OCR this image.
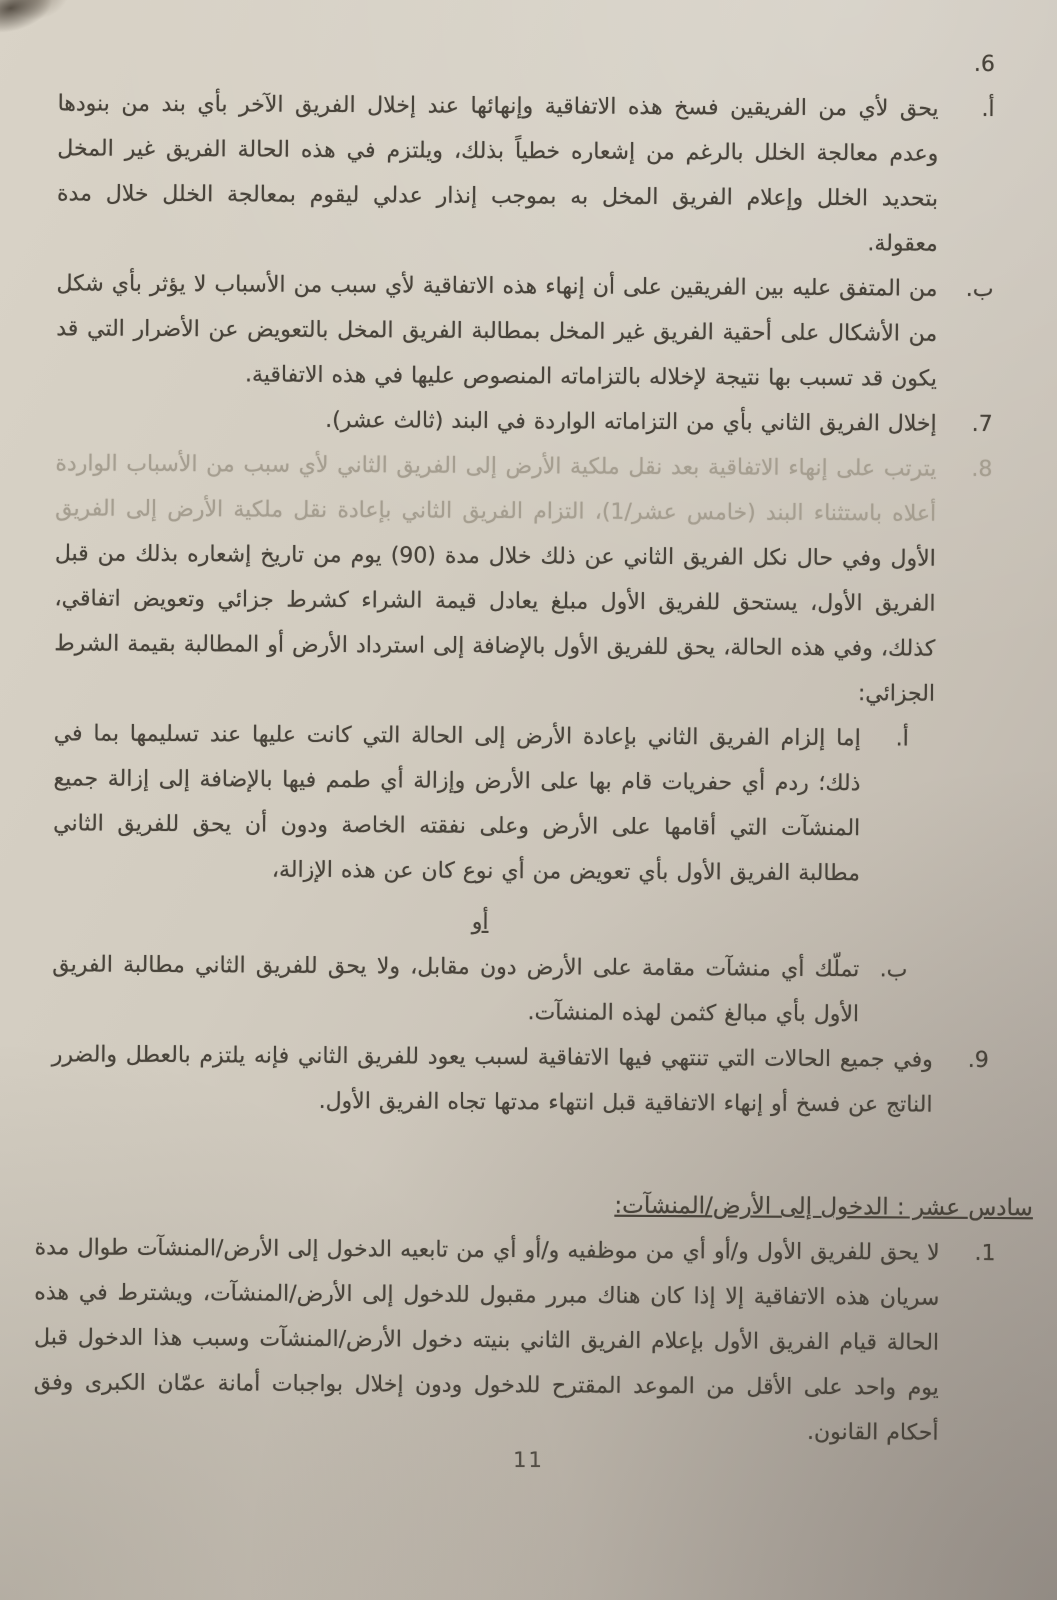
6.
أ.
يحق لأي من الفريقين فسخ هذه الاتفاقية وإنهائها عند إخلال الفريق الآخر بأي بند من بنودها وعدم معالجة الخلل بالرغم من إشعاره خطياً بذلك، ويلتزم في هذه الحالة الفريق غير المخل بتحديد الخلل وإعلام الفريق المخل به بموجب إنذار عدلي ليقوم بمعالجة الخلل خلال مدة معقولة.
ب.
من المتفق عليه بين الفريقين على أن إنهاء هذه الاتفاقية لأي سبب من الأسباب لا يؤثر بأي شكل من الأشكال على أحقية الفريق غير المخل بمطالبة الفريق المخل بالتعويض عن الأضرار التي قد يكون قد تسبب بها نتيجة لإخلاله بالتزاماته المنصوص عليها في هذه الاتفاقية.
7.
إخلال الفريق الثاني بأي من التزاماته الواردة في البند (ثالث عشر).
8.
يترتب على إنهاء الاتفاقية بعد نقل ملكية الأرض إلى الفريق الثاني لأي سبب من الأسباب الواردة أعلاه باستثناء البند (خامس عشر/1)، التزام الفريق الثاني بإعادة نقل ملكية الأرض إلى الفريق الأول وفي حال نكل الفريق الثاني عن ذلك خلال مدة (90) يوم من تاريخ إشعاره بذلك من قبل الفريق الأول، يستحق للفريق الأول مبلغ يعادل قيمة الشراء كشرط جزائي وتعويض اتفاقي، كذلك، وفي هذه الحالة، يحق للفريق الأول بالإضافة إلى استرداد الأرض أو المطالبة بقيمة الشرط الجزائي:
أ.
إما إلزام الفريق الثاني بإعادة الأرض إلى الحالة التي كانت عليها عند تسليمها بما في ذلك؛ ردم أي حفريات قام بها على الأرض وإزالة أي طمم فيها بالإضافة إلى إزالة جميع المنشآت التي أقامها على الأرض وعلى نفقته الخاصة ودون أن يحق للفريق الثاني مطالبة الفريق الأول بأي تعويض من أي نوع كان عن هذه الإزالة،
أو
ب.
تملّك أي منشآت مقامة على الأرض دون مقابل، ولا يحق للفريق الثاني مطالبة الفريق الأول بأي مبالغ كثمن لهذه المنشآت.
9.
وفي جميع الحالات التي تنتهي فيها الاتفاقية لسبب يعود للفريق الثاني فإنه يلتزم بالعطل والضرر الناتج عن فسخ أو إنهاء الاتفاقية قبل انتهاء مدتها تجاه الفريق الأول.
سادس عشر : الدخول إلى الأرض/المنشآت:
1.
لا يحق للفريق الأول و/أو أي من موظفيه و/أو أي من تابعيه الدخول إلى الأرض/المنشآت طوال مدة سريان هذه الاتفاقية إلا إذا كان هناك مبرر مقبول للدخول إلى الأرض/المنشآت، ويشترط في هذه الحالة قيام الفريق الأول بإعلام الفريق الثاني بنيته دخول الأرض/المنشآت وسبب هذا الدخول قبل يوم واحد على الأقل من الموعد المقترح للدخول ودون إخلال بواجبات أمانة عمّان الكبرى وفق أحكام القانون.
11
